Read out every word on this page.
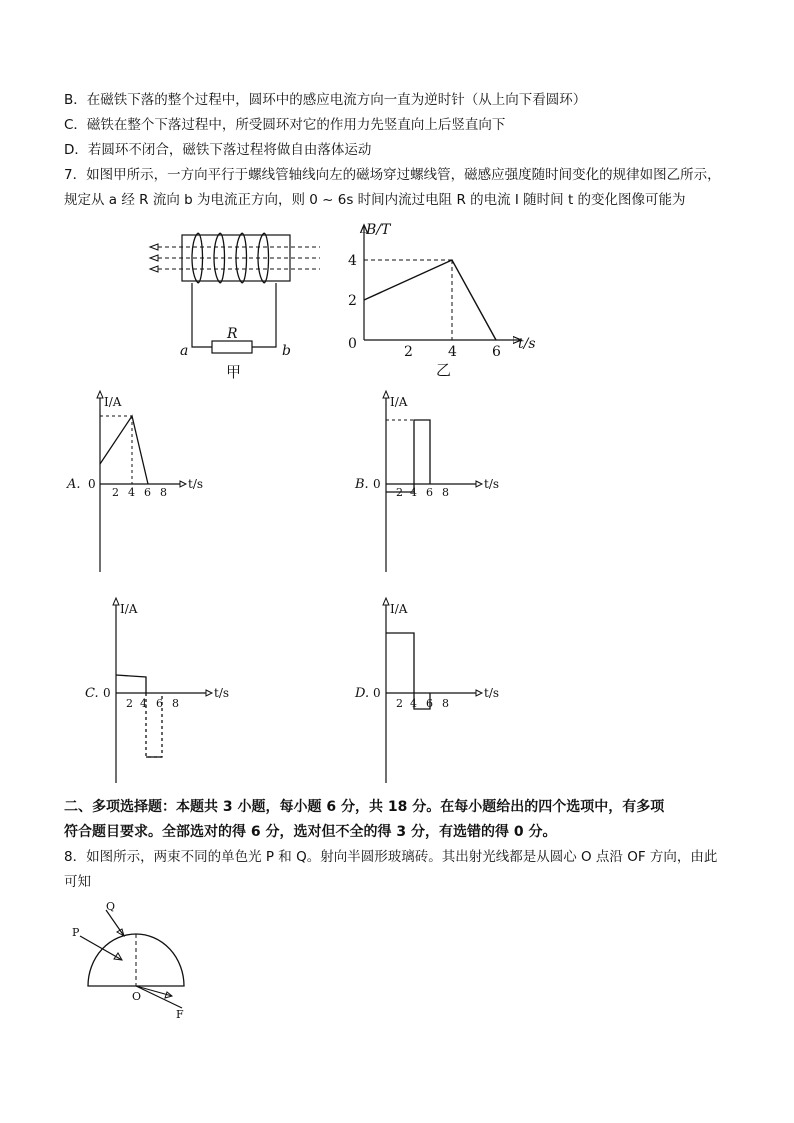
B．在磁铁下落的整个过程中，圆环中的感应电流方向一直为逆时针（从上向下看圆环）
C．磁铁在整个下落过程中，所受圆环对它的作用力先竖直向上后竖直向下
D．若圆环不闭合，磁铁下落过程将做自由落体运动
7．如图甲所示，一方向平行于螺线管轴线向左的磁场穿过螺线管，磁感应强度随时间变化的规律如图乙所示，
规定从 a 经 R 流向 b 为电流正方向，则 0 ~ 6s 时间内流过电阻 R 的电流 I 随时间 t 的变化图像可能为
R
a	b
甲
B/T
t/s
0
2
4
2	4	6
乙
I/A
t/s
A. 0
2 4 6 8
I/A
t/s
B. 0
2 4 6 8
I/A
t/s
C. 0
2 4 6 8
I/A
t/s
D. 0
2 4 6 8
二、多项选择题：本题共 3 小题，每小题 6 分，共 18 分。在每小题给出的四个选项中，有多项
符合题目要求。全部选对的得 6 分，选对但不全的得 3 分，有选错的得 0 分。
8．如图所示，两束不同的单色光 P 和 Q。射向半圆形玻璃砖。其出射光线都是从圆心 O 点沿 OF 方向，由此
可知
P
Q
O
F
